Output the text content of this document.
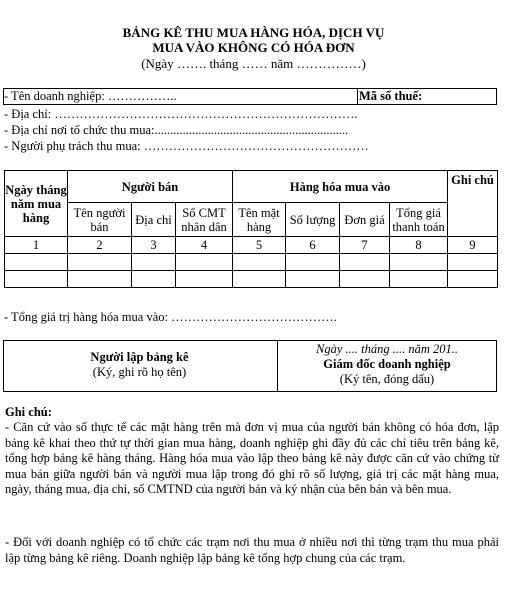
BẢNG KÊ THU MUA HÀNG HÓA, DỊCH VỤ
MUA VÀO KHÔNG CÓ HÓA ĐƠN
(Ngày ……. tháng …… năm ……………)
- Tên doanh nghiệp: ……………..	Mã số thuế:
- Địa chỉ: ……………………………………………………………….
- Địa chỉ nơi tổ chức thu mua:..............................................................
- Người phụ trách thu mua: ………………………………………………
Ngày tháng năm mua hàng	Người bán			Hàng hóa mua vào				Ghi chú
	Tên người bán	Địa chỉ	Số CMT nhân dân	Tên mặt hàng	Số lượng	Đơn giá	Tổng giá thanh toán	
1	2	3	4	5	6	7	8	9

- Tổng giá trị hàng hóa mua vào: ………………………………….
Người lập bảng kê
(Ký, ghi rõ họ tên)
Ngày .... tháng .... năm 201..
Giám đốc doanh nghiệp
(Ký tên, đóng dấu)
Ghi chú:
- Căn cứ vào số thực tế các mặt hàng trên mà đơn vị mua của người bán không có hóa đơn, lập bảng kê khai theo thứ tự thời gian mua hàng, doanh nghiệp ghi đầy đủ các chỉ tiêu trên bảng kê, tổng hợp bảng kê hàng tháng. Hàng hóa mua vào lập theo bảng kê này được căn cứ vào chứng từ mua bán giữa người bán và người mua lập trong đó ghi rõ số lượng, giá trị các mặt hàng mua, ngày, tháng mua, địa chỉ, số CMTND của người bán và ký nhận của bên bán và bên mua.
- Đối với doanh nghiệp có tổ chức các trạm nơi thu mua ở nhiều nơi thì từng trạm thu mua phải lập từng bảng kê riêng. Doanh nghiệp lập bảng kê tổng hợp chung của các trạm.
